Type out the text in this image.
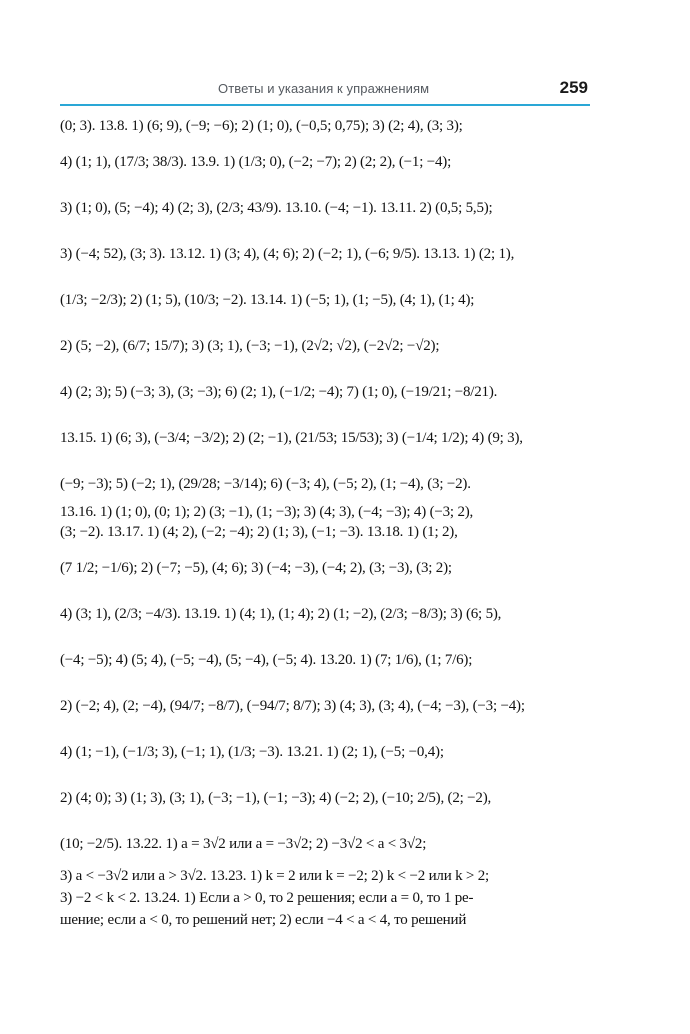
Ответы и указания к упражнениям	259
(0; 3). 13.8. 1) (6; 9), (−9; −6); 2) (1; 0), (−0,5; 0,75); 3) (2; 4), (3; 3);
4) (1; 1), (17/3; 38/3). 13.9. 1) (1/3; 0), (−2; −7); 2) (2; 2), (−1; −4);
3) (1; 0), (5; −4); 4) (2; 3), (2/3; 43/9). 13.10. (−4; −1). 13.11. 2) (0,5; 5,5);
3) (−4; 52), (3; 3). 13.12. 1) (3; 4), (4; 6); 2) (−2; 1), (−6; 9/5). 13.13. 1) (2; 1),
(1/3; −2/3); 2) (1; 5), (10/3; −2). 13.14. 1) (−5; 1), (1; −5), (4; 1), (1; 4);
2) (5; −2), (6/7; 15/7); 3) (3; 1), (−3; −1), (2√2; √2), (−2√2; −√2);
4) (2; 3); 5) (−3; 3), (3; −3); 6) (2; 1), (−1/2; −4); 7) (1; 0), (−19/21; −8/21).
13.15. 1) (6; 3), (−3/4; −3/2); 2) (2; −1), (21/53; 15/53); 3) (−1/4; 1/2); 4) (9; 3),
(−9; −3); 5) (−2; 1), (29/28; −3/14); 6) (−3; 4), (−5; 2), (1; −4), (3; −2).
13.16. 1) (1; 0), (0; 1); 2) (3; −1), (1; −3); 3) (4; 3), (−4; −3); 4) (−3; 2),
(3; −2). 13.17. 1) (4; 2), (−2; −4); 2) (1; 3), (−1; −3). 13.18. 1) (1; 2),
(7 1/2; −1/6); 2) (−7; −5), (4; 6); 3) (−4; −3), (−4; 2), (3; −3), (3; 2);
4) (3; 1), (2/3; −4/3). 13.19. 1) (4; 1), (1; 4); 2) (1; −2), (2/3; −8/3); 3) (6; 5),
(−4; −5); 4) (5; 4), (−5; −4), (5; −4), (−5; 4). 13.20. 1) (7; 1/6), (1; 7/6);
2) (−2; 4), (2; −4), (94/7; −8/7), (−94/7; 8/7); 3) (4; 3), (3; 4), (−4; −3), (−3; −4);
4) (1; −1), (−1/3; 3), (−1; 1), (1/3; −3). 13.21. 1) (2; 1), (−5; −0,4);
2) (4; 0); 3) (1; 3), (3; 1), (−3; −1), (−1; −3); 4) (−2; 2), (−10; 2/5), (2; −2),
(10; −2/5). 13.22. 1) a = 3√2 или a = −3√2; 2) −3√2 < a < 3√2;
3) a < −3√2 или a > 3√2. 13.23. 1) k = 2 или k = −2; 2) k < −2 или k > 2;
3) −2 < k < 2. 13.24. 1) Если a > 0, то 2 решения; если a = 0, то 1 ре-
шение; если a < 0, то решений нет; 2) если −4 < a < 4, то решений
